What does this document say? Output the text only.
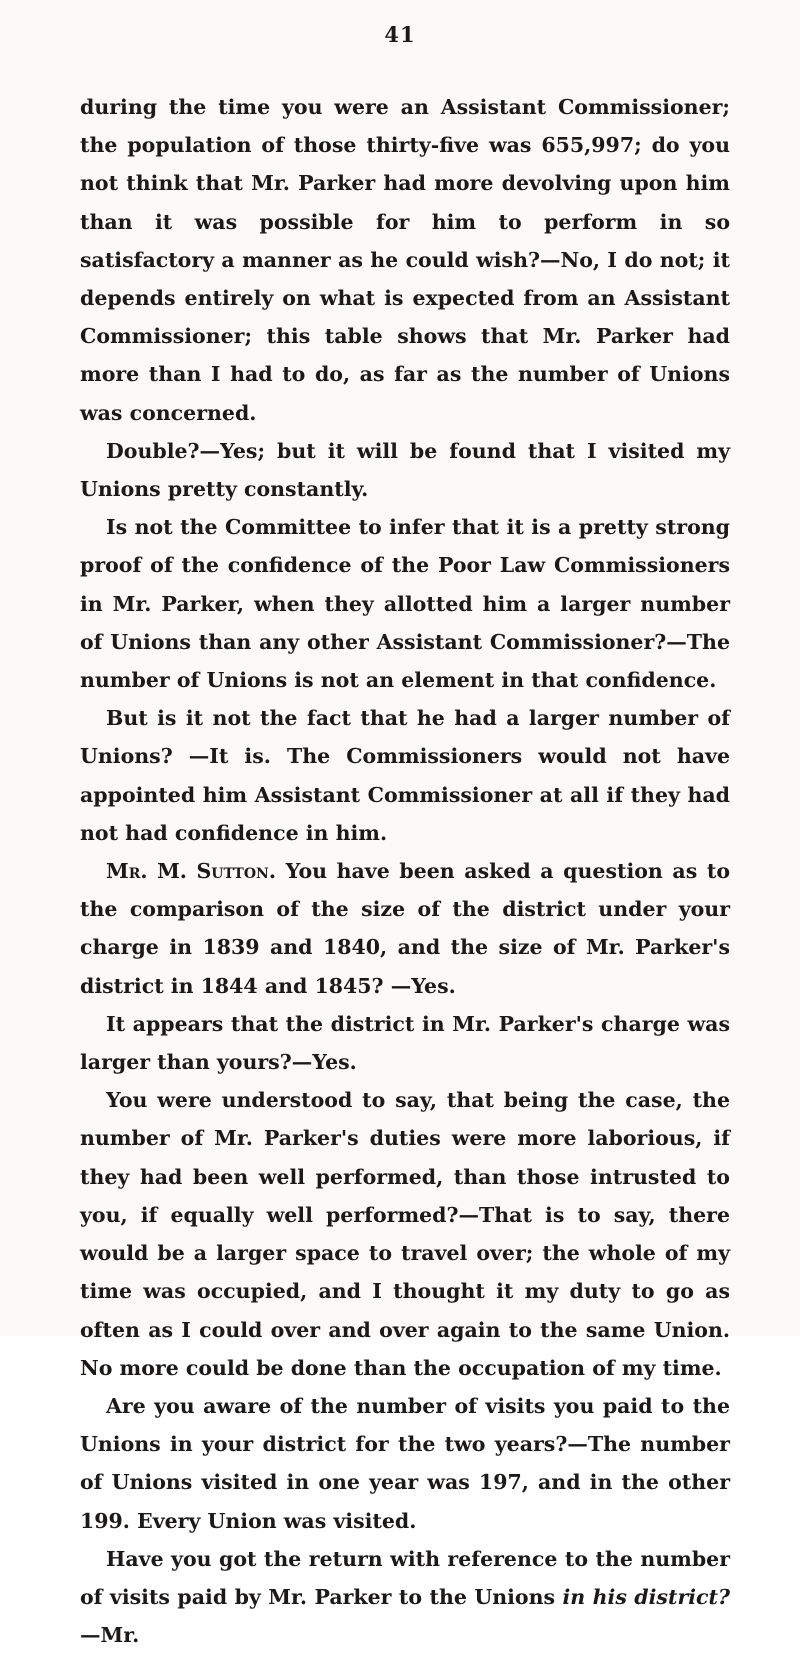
41

during the time you were an Assistant Commissioner; the population of those thirty-five was 655,997; do you not think that Mr. Parker had more devolving upon him than it was possible for him to perform in so satisfactory a manner as he could wish?—No, I do not; it depends entirely on what is expected from an Assistant Commissioner; this table shows that Mr. Parker had more than I had to do, as far as the number of Unions was concerned.

Double?—Yes; but it will be found that I visited my Unions pretty constantly.

Is not the Committee to infer that it is a pretty strong proof of the confidence of the Poor Law Commissioners in Mr. Parker, when they allotted him a larger number of Unions than any other Assistant Commissioner?—The number of Unions is not an element in that confidence.

But is it not the fact that he had a larger number of Unions? —It is. The Commissioners would not have appointed him Assistant Commissioner at all if they had not had confidence in him.

Mr. M. Sutton. You have been asked a question as to the comparison of the size of the district under your charge in 1839 and 1840, and the size of Mr. Parker's district in 1844 and 1845? —Yes.

It appears that the district in Mr. Parker's charge was larger than yours?—Yes.

You were understood to say, that being the case, the number of Mr. Parker's duties were more laborious, if they had been well performed, than those intrusted to you, if equally well performed?—That is to say, there would be a larger space to travel over; the whole of my time was occupied, and I thought it my duty to go as often as I could over and over again to the same Union. No more could be done than the occupation of my time.

Are you aware of the number of visits you paid to the Unions in your district for the two years?—The number of Unions visited in one year was 197, and in the other 199. Every Union was visited.

Have you got the return with reference to the number of visits paid by Mr. Parker to the Unions in his district?—Mr.
